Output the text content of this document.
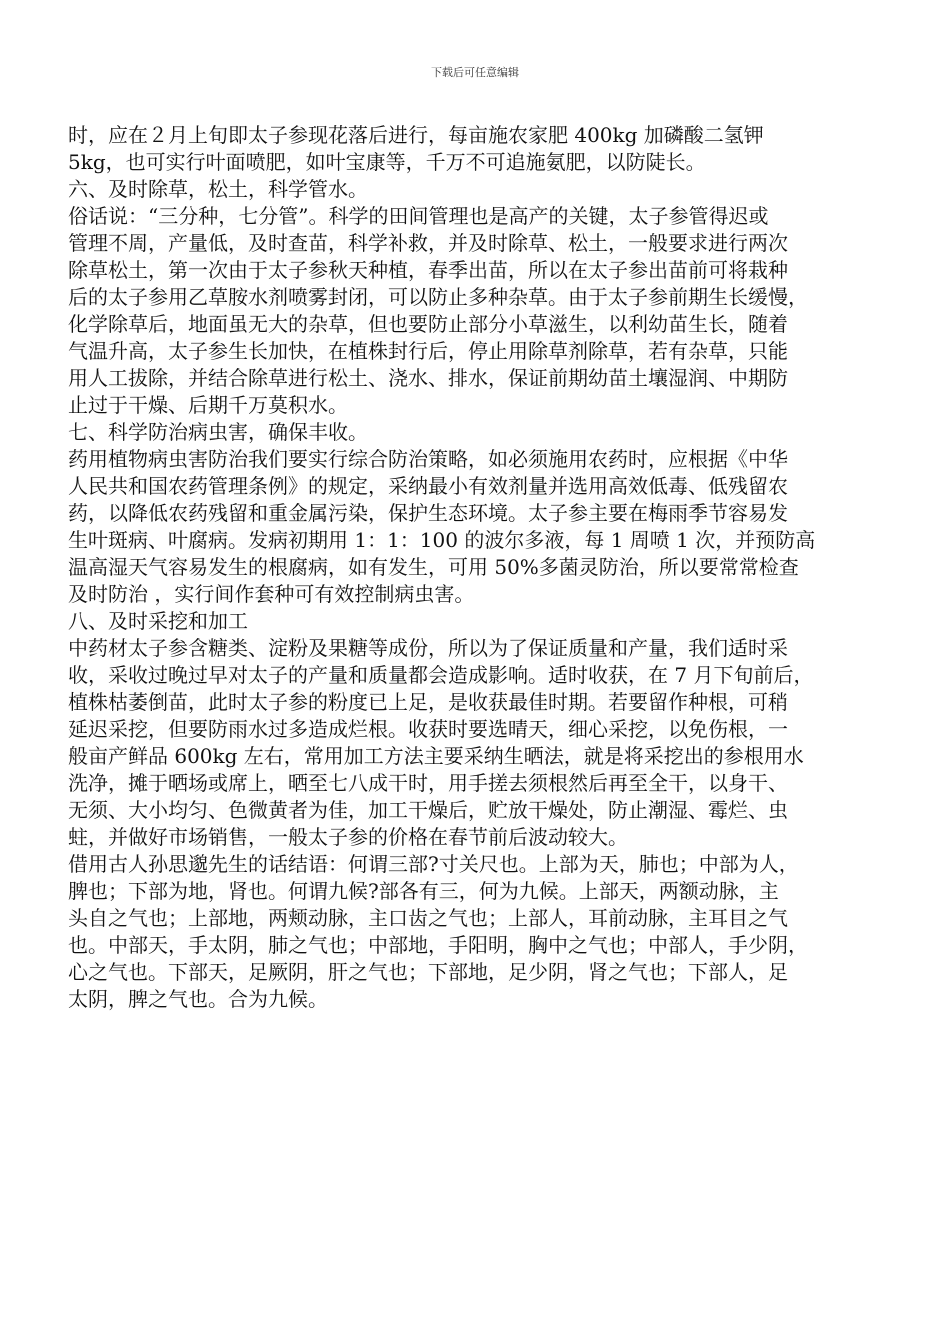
下载后可任意编辑
时，应在２月上旬即太子参现花落后进行，每亩施农家肥 400kg 加磷酸二氢钾
5kg，也可实行叶面喷肥，如叶宝康等，千万不可追施氨肥，以防陡长。
六、及时除草，松土，科学管水。
俗话说：“三分种，七分管”。科学的田间管理也是高产的关键，太子参管得迟或
管理不周，产量低，及时查苗，科学补救，并及时除草、松土，一般要求进行两次
除草松土，第一次由于太子参秋天种植，春季出苗，所以在太子参出苗前可将栽种
后的太子参用乙草胺水剂喷雾封闭，可以防止多种杂草。由于太子参前期生长缓慢，
化学除草后，地面虽无大的杂草，但也要防止部分小草滋生，以利幼苗生长，随着
气温升高，太子参生长加快，在植株封行后，停止用除草剂除草，若有杂草，只能
用人工拔除，并结合除草进行松土、浇水、排水，保证前期幼苗土壤湿润、中期防
止过于干燥、后期千万莫积水。
七、科学防治病虫害，确保丰收。
药用植物病虫害防治我们要实行综合防治策略，如必须施用农药时，应根据《中华
人民共和国农药管理条例》的规定，采纳最小有效剂量并选用高效低毒、低残留农
药，以降低农药残留和重金属污染，保护生态环境。太子参主要在梅雨季节容易发
生叶斑病、叶腐病。发病初期用 1：1：100 的波尔多液，每 1 周喷 1 次，并预防高
温高湿天气容易发生的根腐病，如有发生，可用 50%多菌灵防治，所以要常常检查
及时防治 ，实行间作套种可有效控制病虫害。
八、及时采挖和加工
中药材太子参含糖类、淀粉及果糖等成份，所以为了保证质量和产量，我们适时采
收，采收过晚过早对太子的产量和质量都会造成影响。适时收获，在 7 月下旬前后，
植株枯萎倒苗，此时太子参的粉度已上足，是收获最佳时期。若要留作种根，可稍
延迟采挖，但要防雨水过多造成烂根。收获时要选晴天，细心采挖，以免伤根，一
般亩产鲜品 600kg 左右，常用加工方法主要采纳生晒法，就是将采挖出的参根用水
洗净，摊于晒场或席上，晒至七八成干时，用手搓去须根然后再至全干，以身干、
无须、大小均匀、色微黄者为佳，加工干燥后，贮放干燥处，防止潮湿、霉烂、虫
蛀，并做好市场销售，一般太子参的价格在春节前后波动较大。
借用古人孙思邈先生的话结语：何谓三部?寸关尺也。上部为天，肺也；中部为人，
脾也；下部为地，肾也。何谓九候?部各有三，何为九候。上部天，两额动脉，主
头自之气也；上部地，两颊动脉，主口齿之气也；上部人，耳前动脉，主耳目之气
也。中部天，手太阴，肺之气也；中部地，手阳明，胸中之气也；中部人，手少阴，
心之气也。下部天，足厥阴，肝之气也；下部地，足少阴，肾之气也；下部人，足
太阴，脾之气也。合为九候。
